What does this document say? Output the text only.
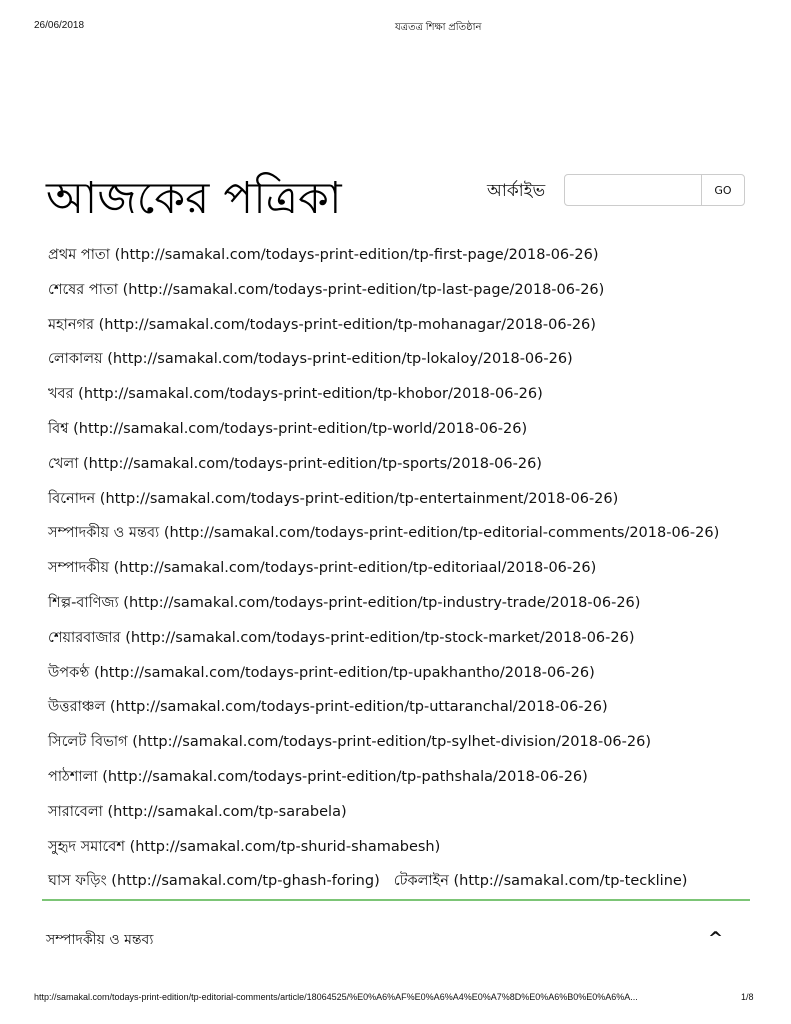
26/06/2018	যত্রতত্র শিক্ষা প্রতিষ্ঠান
আজকের পত্রিকা	আর্কাইভ	GO
প্রথম পাতা (http://samakal.com/todays-print-edition/tp-first-page/2018-06-26)
শেষের পাতা (http://samakal.com/todays-print-edition/tp-last-page/2018-06-26)
মহানগর (http://samakal.com/todays-print-edition/tp-mohanagar/2018-06-26)
লোকালয় (http://samakal.com/todays-print-edition/tp-lokaloy/2018-06-26)
খবর (http://samakal.com/todays-print-edition/tp-khobor/2018-06-26)
বিশ্ব (http://samakal.com/todays-print-edition/tp-world/2018-06-26)
খেলা (http://samakal.com/todays-print-edition/tp-sports/2018-06-26)
বিনোদন (http://samakal.com/todays-print-edition/tp-entertainment/2018-06-26)
সম্পাদকীয় ও মন্তব্য (http://samakal.com/todays-print-edition/tp-editorial-comments/2018-06-26)
সম্পাদকীয় (http://samakal.com/todays-print-edition/tp-editoriaal/2018-06-26)
শিল্প-বাণিজ্য (http://samakal.com/todays-print-edition/tp-industry-trade/2018-06-26)
শেয়ারবাজার (http://samakal.com/todays-print-edition/tp-stock-market/2018-06-26)
উপকণ্ঠ (http://samakal.com/todays-print-edition/tp-upakhantho/2018-06-26)
উত্তরাঞ্চল (http://samakal.com/todays-print-edition/tp-uttaranchal/2018-06-26)
সিলেট বিভাগ (http://samakal.com/todays-print-edition/tp-sylhet-division/2018-06-26)
পাঠশালা (http://samakal.com/todays-print-edition/tp-pathshala/2018-06-26)
সারাবেলা (http://samakal.com/tp-sarabela)
সুহৃদ সমাবেশ (http://samakal.com/tp-shurid-shamabesh)
ঘাস ফড়িং (http://samakal.com/tp-ghash-foring) টেকলাইন (http://samakal.com/tp-teckline)
সম্পাদকীয় ও মন্তব্য	^
http://samakal.com/todays-print-edition/tp-editorial-comments/article/18064525/%E0%A6%AF%E0%A6%A4%E0%A7%8D%E0%A6%B0%E0%A6%A...	1/8
